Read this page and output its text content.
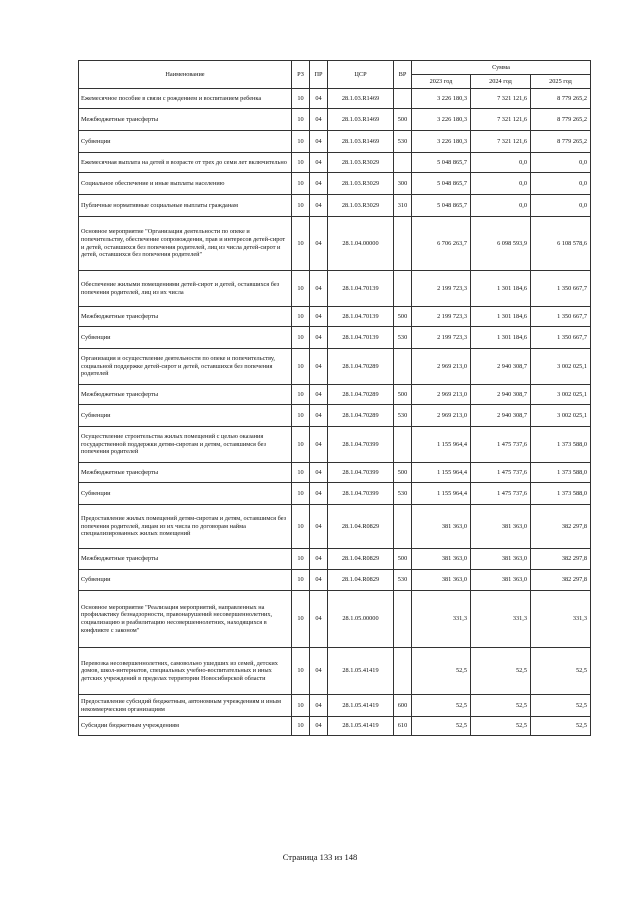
Наименование	РЗ	ПР	ЦСР	ВР	Сумма		
					2023 год	2024 год	2025 год
Ежемесячное пособие в связи с рождением и воспитанием ребенка	10	04	28.1.03.R1469		3 226 180,3	7 321 121,6	8 779 265,2
Межбюджетные трансферты	10	04	28.1.03.R1469	500	3 226 180,3	7 321 121,6	8 779 265,2
Субвенции	10	04	28.1.03.R1469	530	3 226 180,3	7 321 121,6	8 779 265,2
Ежемесячная выплата на детей в возрасте от трех до семи лет включительно	10	04	28.1.03.R3029		5 048 865,7	0,0	0,0
Социальное обеспечение и иные выплаты населению	10	04	28.1.03.R3029	300	5 048 865,7	0,0	0,0
Публичные нормативные социальные выплаты гражданам	10	04	28.1.03.R3029	310	5 048 865,7	0,0	0,0
Основное мероприятие "Организация деятельности по опеке и попечительству, обеспечение сопровождения, прав и интересов детей-сирот и детей, оставшихся без попечения родителей, лиц из числа детей-сирот и детей, оставшихся без попечения родителей"	10	04	28.1.04.00000		6 706 263,7	6 098 593,9	6 108 578,6
Обеспечение жилыми помещениями детей-сирот и детей, оставшихся без попечения родителей, лиц из их числа	10	04	28.1.04.70139		2 199 723,3	1 301 184,6	1 350 667,7
Межбюджетные трансферты	10	04	28.1.04.70139	500	2 199 723,3	1 301 184,6	1 350 667,7
Субвенции	10	04	28.1.04.70139	530	2 199 723,3	1 301 184,6	1 350 667,7
Организация и осуществление деятельности по опеке и попечительству, социальной поддержке детей-сирот и детей, оставшихся без попечения родителей	10	04	28.1.04.70289		2 969 213,0	2 940 308,7	3 002 025,1
Межбюджетные трансферты	10	04	28.1.04.70289	500	2 969 213,0	2 940 308,7	3 002 025,1
Субвенции	10	04	28.1.04.70289	530	2 969 213,0	2 940 308,7	3 002 025,1
Осуществление строительства жилых помещений с целью оказания государственной поддержки детям-сиротам и детям, оставшимся без попечения родителей	10	04	28.1.04.70399		1 155 964,4	1 475 737,6	1 373 588,0
Межбюджетные трансферты	10	04	28.1.04.70399	500	1 155 964,4	1 475 737,6	1 373 588,0
Субвенции	10	04	28.1.04.70399	530	1 155 964,4	1 475 737,6	1 373 588,0
Предоставление жилых помещений детям-сиротам и детям, оставшимся без попечения родителей, лицам из их числа по договорам найма специализированных жилых помещений	10	04	28.1.04.R0829		381 363,0	381 363,0	382 297,8
Межбюджетные трансферты	10	04	28.1.04.R0829	500	381 363,0	381 363,0	382 297,8
Субвенции	10	04	28.1.04.R0829	530	381 363,0	381 363,0	382 297,8
Основное мероприятие "Реализация мероприятий, направленных на профилактику безнадзорности, правонарушений несовершеннолетних, социализацию и реабилитацию несовершеннолетних, находящихся в конфликте с законом"	10	04	28.1.05.00000		331,3	331,3	331,3
Перевозка несовершеннолетних, самовольно ушедших из семей, детских домов, школ-интернатов, специальных учебно-воспитательных и иных детских учреждений в пределах территории Новосибирской области	10	04	28.1.05.41419		52,5	52,5	52,5
Предоставление субсидий бюджетным, автономным учреждениям и иным некоммерческим организациям	10	04	28.1.05.41419	600	52,5	52,5	52,5
Субсидии бюджетным учреждениям	10	04	28.1.05.41419	610	52,5	52,5	52,5
Страница 133 из 148
